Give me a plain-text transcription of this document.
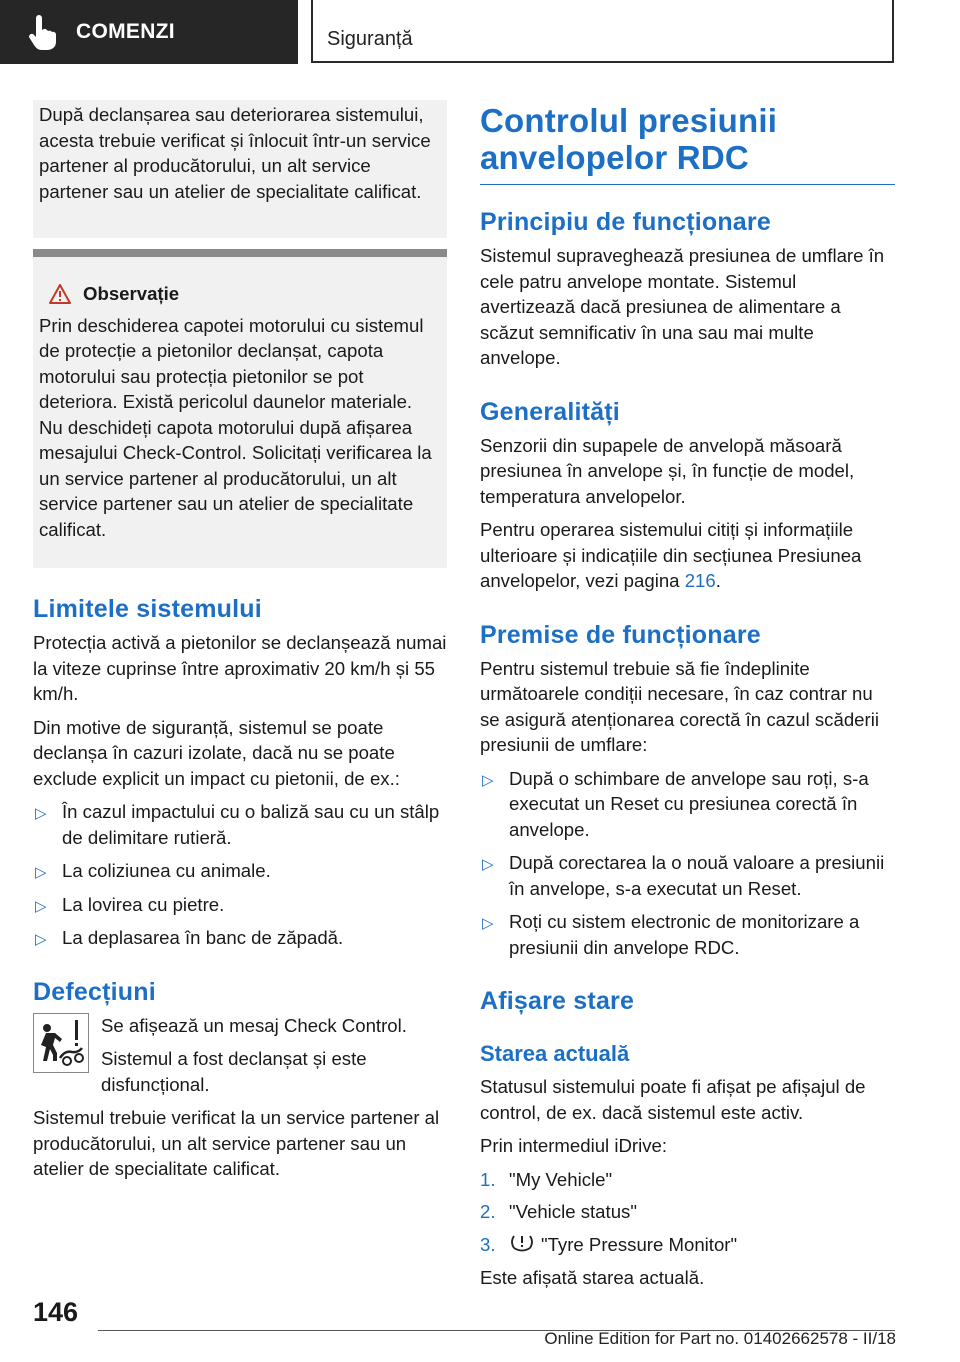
COMENZI	Siguranță

După declanșarea sau deteriorarea sistemului, acesta trebuie verificat și înlocuit într-un service partener al producătorului, un alt service partener sau un atelier de specialitate calificat.

Observație

Prin deschiderea capotei motorului cu sistemul de protecție a pietonilor declanșat, capota motorului sau protecția pietonilor se pot deteriora. Există pericolul daunelor materiale. Nu deschideți capota motorului după afișarea mesajului Check-Control. Solicitați verificarea la un service partener al producătorului, un alt service partener sau un atelier de specialitate calificat.

Limitele sistemului

Protecția activă a pietonilor se declanșează numai la viteze cuprinse între aproximativ 20 km/h și 55 km/h.

Din motive de siguranță, sistemul se poate declanșa în cazuri izolate, dacă nu se poate exclude explicit un impact cu pietonii, de ex.:

▷ În cazul impactului cu o baliză sau cu un stâlp de delimitare rutieră.
▷ La coliziunea cu animale.
▷ La lovirea cu pietre.
▷ La deplasarea în banc de zăpadă.
Defecțiuni

Se afișează un mesaj Check Control.

Sistemul a fost declanșat și este disfuncțional.

Sistemul trebuie verificat la un service partener al producătorului, un alt service partener sau un atelier de specialitate calificat.

Controlul presiunii anvelopelor RDC
Principiu de funcționare

Sistemul supraveghează presiunea de umflare în cele patru anvelope montate. Sistemul avertizează dacă presiunea de alimentare a scăzut semnificativ în una sau mai multe anvelope.

Generalități

Senzorii din supapele de anvelopă măsoară presiunea în anvelope și, în funcție de model, temperatura anvelopelor.

Pentru operarea sistemului citiți și informațiile ulterioare și indicațiile din secțiunea Presiunea anvelopelor, vezi pagina 216.

Premise de funcționare

Pentru sistemul trebuie să fie îndeplinite următoarele condiții necesare, în caz contrar nu se asigură atenționarea corectă în cazul scăderii presiunii de umflare:

▷ După o schimbare de anvelope sau roți, s-a executat un Reset cu presiunea corectă în anvelope.
▷ După corectarea la o nouă valoare a presiunii în anvelope, s-a executat un Reset.
▷ Roți cu sistem electronic de monitorizare a presiunii din anvelope RDC.
Afișare stare
Starea actuală

Statusul sistemului poate fi afișat pe afișajul de control, de ex. dacă sistemul este activ.

Prin intermediul iDrive:

1. "My Vehicle"
2. "Vehicle status"
3.	"Tyre Pressure Monitor"

Este afișată starea actuală.

146
Online Edition for Part no. 01402662578 - II/18
